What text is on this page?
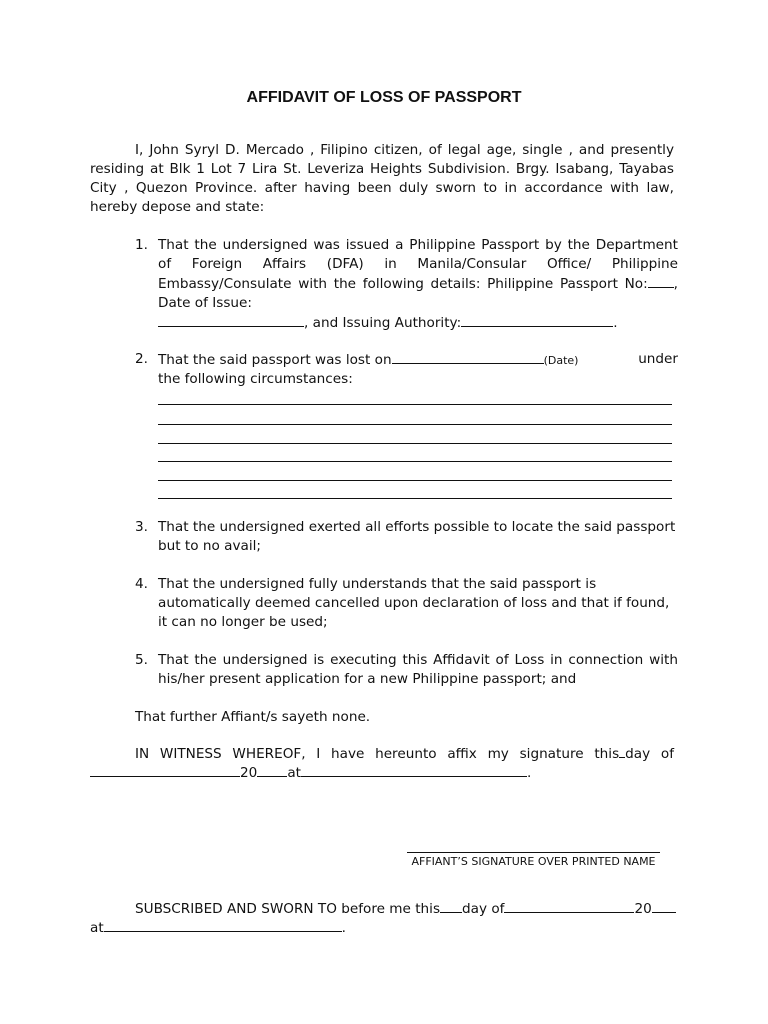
AFFIDAVIT OF LOSS OF PASSPORT
I, John Syryl D. Mercado , Filipino citizen, of legal age, single , and presently residing at Blk 1 Lot 7 Lira St. Leveriza Heights Subdivision. Brgy. Isabang, Tayabas City , Quezon Province. after having been duly sworn to in accordance with law, hereby depose and state:
1. That the undersigned was issued a Philippine Passport by the Department of Foreign Affairs (DFA) in Manila/Consular Office/ Philippine Embassy/Consulate with the following details: Philippine Passport No: , Date of Issue:
, and Issuing Authority:	.
2. That the said passport was lost on	(Date)	under

the following circumstances:
3. That the undersigned exerted all efforts possible to locate the said passport but to no avail;
4. That the undersigned fully understands that the said passport is automatically deemed cancelled upon declaration of loss and that if found, it can no longer be used;
5. That the undersigned is executing this Affidavit of Loss in connection with his/her present application for a new Philippine passport; and
That further Affiant/s sayeth none.
IN WITNESS WHEREOF, I have hereunto affix my signature this day of
20 at	.
AFFIANT’S SIGNATURE OVER PRINTED NAME
SUBSCRIBED AND SWORN TO before me this day of	20
at	.
